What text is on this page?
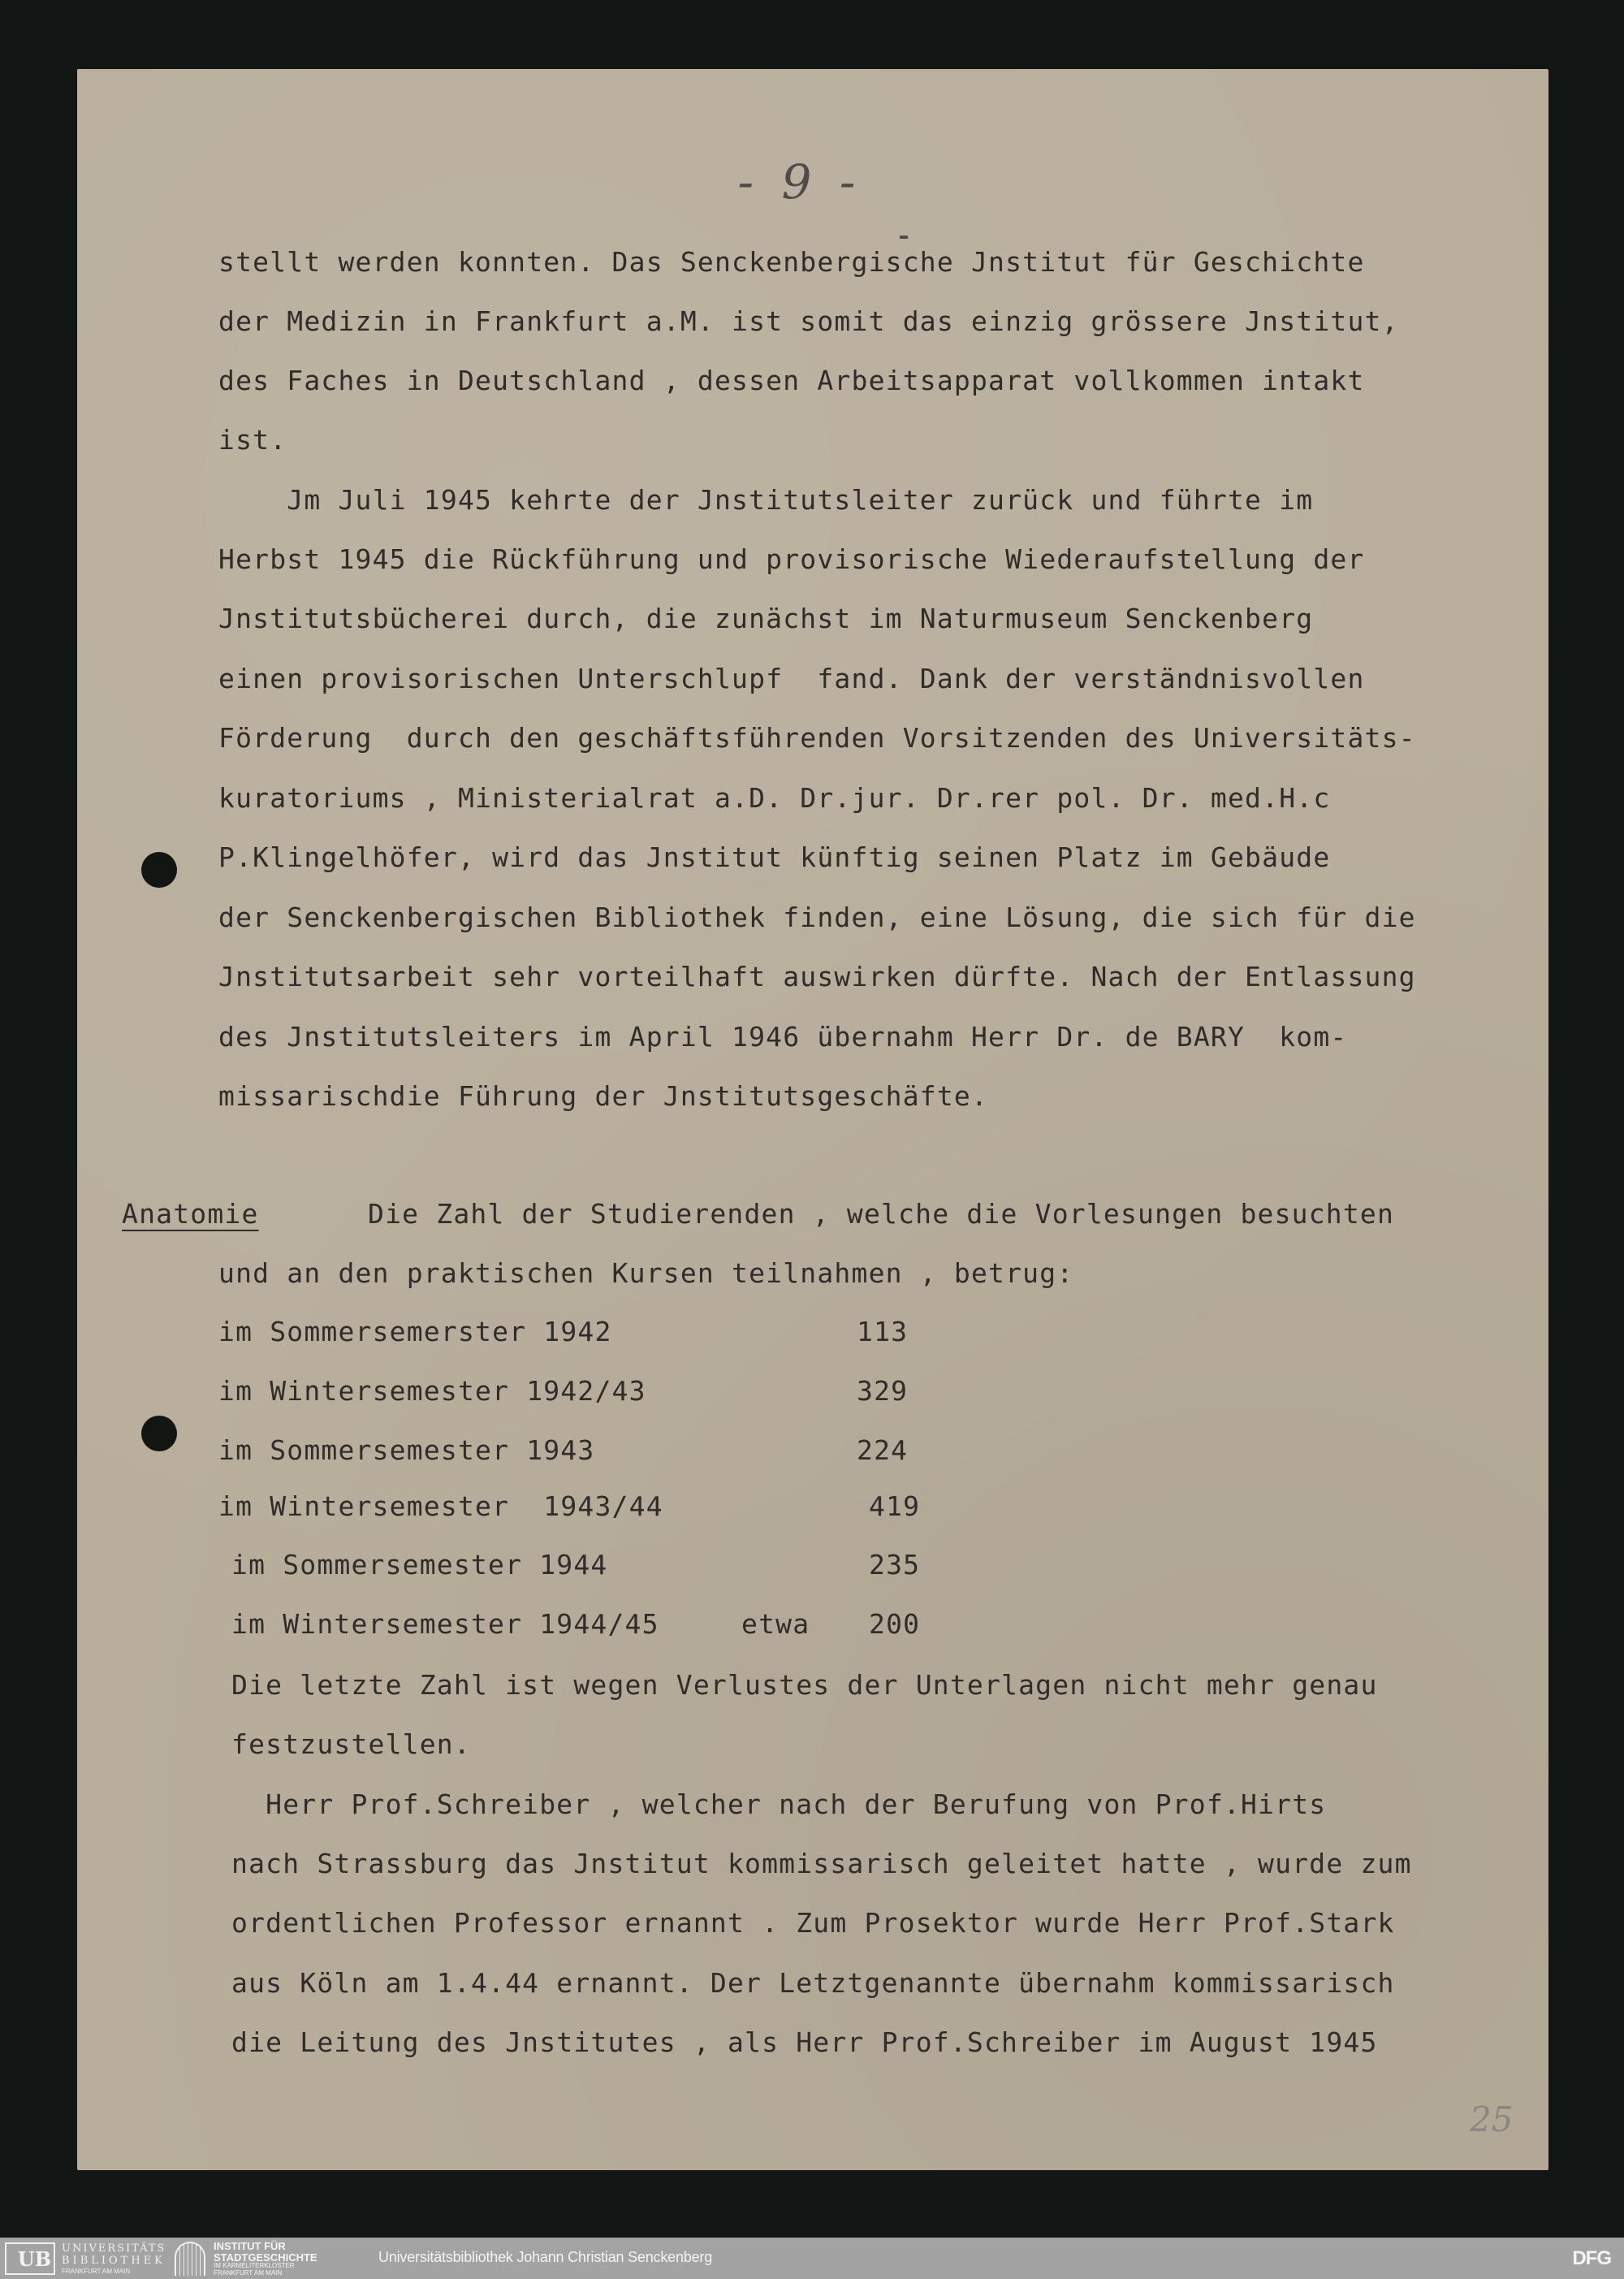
- 9 -
stellt werden konnten. Das Senckenbergische Jnstitut für Geschichte
der Medizin in Frankfurt a.M. ist somit das einzig grössere Jnstitut,
des Faches in Deutschland , dessen Arbeitsapparat vollkommen intakt
ist.
Jm Juli 1945 kehrte der Jnstitutsleiter zurück und führte im
Herbst 1945 die Rückführung und provisorische Wiederaufstellung der
Jnstitutsbücherei durch, die zunächst im Naturmuseum Senckenberg
einen provisorischen Unterschlupf  fand. Dank der verständnisvollen
Förderung  durch den geschäftsführenden Vorsitzenden des Universitäts-
kuratoriums , Ministerialrat a.D. Dr.jur. Dr.rer pol. Dr. med.H.c
P.Klingelhöfer, wird das Jnstitut künftig seinen Platz im Gebäude
der Senckenbergischen Bibliothek finden, eine Lösung, die sich für die
Jnstitutsarbeit sehr vorteilhaft auswirken dürfte. Nach der Entlassung
des Jnstitutsleiters im April 1946 übernahm Herr Dr. de BARY  kom-
missarischdie Führung der Jnstitutsgeschäfte.
Anatomie	Die Zahl der Studierenden , welche die Vorlesungen besuchten
und an den praktischen Kursen teilnahmen , betrug:
im Sommersemerster 1942	113
im Wintersemester 1942/43	329
im Sommersemester 1943	224
im Wintersemester  1943/44	419
im Sommersemester 1944	235
im Wintersemester 1944/45	etwa 200
Die letzte Zahl ist wegen Verlustes der Unterlagen nicht mehr genau
festzustellen.
Herr Prof.Schreiber , welcher nach der Berufung von Prof.Hirts
nach Strassburg das Jnstitut kommissarisch geleitet hatte , wurde zum
ordentlichen Professor ernannt . Zum Prosektor wurde Herr Prof.Stark
aus Köln am 1.4.44 ernannt. Der Letztgenannte übernahm kommissarisch
die Leitung des Jnstitutes , als Herr Prof.Schreiber im August 1945
25
UB	UNIVERSITÄTS
BIBLIOTHEK
FRANKFURT AM MAIN
INSTITUT FÜR
STADTGESCHICHTE
IM KARMELITERKLOSTER
FRANKFURT AM MAIN
Universitätsbibliothek Johann Christian Senckenberg	DFG
